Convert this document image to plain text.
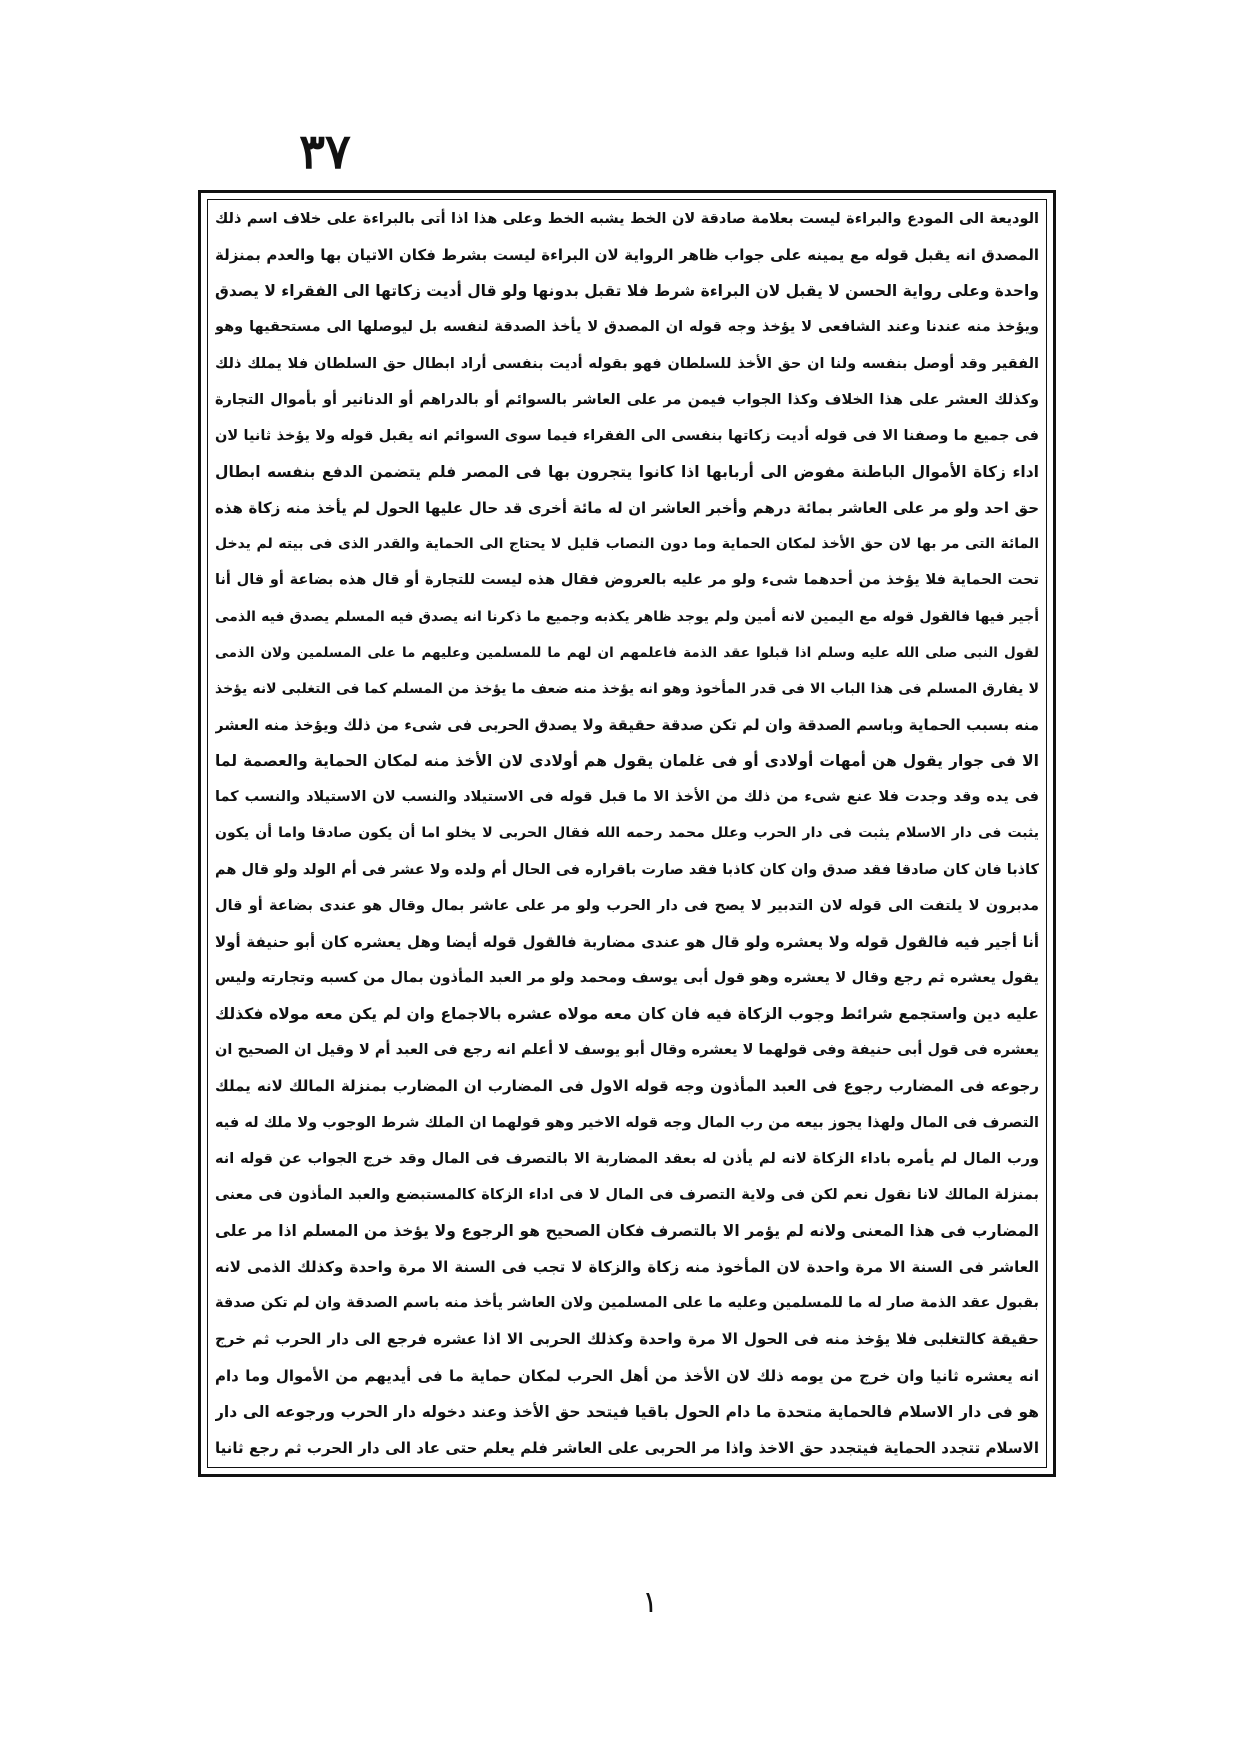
٣٧
الودیعة الی المودع والبراءة لیست بعلامة صادقة لان الخط یشبه الخط وعلی هذا اذا أتی بالبراءة علی خلاف اسم ذلك
المصدق انه یقبل قوله مع یمینه علی جواب ظاهر الروایة لان البراءة لیست بشرط فکان الاتیان بها والعدم بمنزلة
واحدة وعلی روایة الحسن لا یقبل لان البراءة شرط فلا تقبل بدونها ولو قال أدیت زکاتها الی الفقراء لا یصدق
ویؤخذ منه عندنا وعند الشافعی لا یؤخذ وجه قوله ان المصدق لا یأخذ الصدقة لنفسه بل لیوصلها الی مستحقیها وهو
الفقیر وقد أوصل بنفسه ولنا ان حق الأخذ للسلطان فهو بقوله أدیت بنفسی أراد ابطال حق السلطان فلا یملك ذلك
وکذلك العشر علی هذا الخلاف وکذا الجواب فیمن مر علی العاشر بالسوائم أو بالدراهم أو الدنانیر أو بأموال التجارة
فی جمیع ما وصفنا الا فی قوله أدیت زکاتها بنفسی الی الفقراء فیما سوی السوائم انه یقبل قوله ولا یؤخذ ثانیا لان
اداء زکاة الأموال الباطنة مفوض الی أربابها اذا کانوا یتجرون بها فی المصر فلم یتضمن الدفع بنفسه ابطال
حق احد ولو مر علی العاشر بمائة درهم وأخبر العاشر ان له مائة أخری قد حال علیها الحول لم یأخذ منه زکاة هذه
المائة التی مر بها لان حق الأخذ لمکان الحمایة وما دون النصاب قلیل لا یحتاج الی الحمایة والقدر الذی فی بیته لم یدخل
تحت الحمایة فلا یؤخذ من أحدهما شیء ولو مر علیه بالعروض فقال هذه لیست للتجارة أو قال هذه بضاعة أو قال أنا
أجیر فیها فالقول قوله مع الیمین لانه أمین ولم یوجد ظاهر یکذبه وجمیع ما ذکرنا انه یصدق فیه المسلم یصدق فیه الذمی
لقول النبی صلی الله علیه وسلم اذا قبلوا عقد الذمة فاعلمهم ان لهم ما للمسلمین وعلیهم ما علی المسلمین ولان الذمی
لا یفارق المسلم فی هذا الباب الا فی قدر المأخوذ وهو انه یؤخذ منه ضعف ما یؤخذ من المسلم کما فی التغلبی لانه یؤخذ
منه بسبب الحمایة وباسم الصدقة وان لم تکن صدقة حقیقة ولا یصدق الحربی فی شیء من ذلك ویؤخذ منه العشر
الا فی جوار یقول هن أمهات أولادی أو فی غلمان یقول هم أولادی لان الأخذ منه لمکان الحمایة والعصمة لما
فی یده وقد وجدت فلا عنع شیء من ذلك من الأخذ الا ما قبل قوله فی الاستیلاد والنسب لان الاستیلاد والنسب کما
یثبت فی دار الاسلام یثبت فی دار الحرب وعلل محمد رحمه الله فقال الحربی لا یخلو اما أن یکون صادقا واما أن یکون
کاذبا فان کان صادقا فقد صدق وان کان کاذبا فقد صارت باقراره فی الحال أم ولده ولا عشر فی أم الولد ولو قال هم
مدبرون لا یلتفت الی قوله لان التدبیر لا یصح فی دار الحرب ولو مر علی عاشر بمال وقال هو عندی بضاعة أو قال
أنا أجیر فیه فالقول قوله ولا یعشره ولو قال هو عندی مضاربة فالقول قوله أیضا وهل یعشره کان أبو حنیفة أولا
یقول یعشره ثم رجع وقال لا یعشره وهو قول أبی یوسف ومحمد ولو مر العبد المأذون بمال من کسبه وتجارته ولیس
علیه دین واستجمع شرائط وجوب الزکاة فیه فان کان معه مولاه عشره بالاجماع وان لم یکن معه مولاه فکذلك
یعشره فی قول أبی حنیفة وفی قولهما لا یعشره وقال أبو یوسف لا أعلم انه رجع فی العبد أم لا وقیل ان الصحیح ان
رجوعه فی المضارب رجوع فی العبد المأذون وجه قوله الاول فی المضارب ان المضارب بمنزلة المالك لانه یملك
التصرف فی المال ولهذا یجوز بیعه من رب المال وجه قوله الاخیر وهو قولهما ان الملك شرط الوجوب ولا ملك له فیه
ورب المال لم یأمره باداء الزکاة لانه لم یأذن له بعقد المضاربة الا بالتصرف فی المال وقد خرج الجواب عن قوله انه
بمنزلة المالك لانا نقول نعم لکن فی ولایة التصرف فی المال لا فی اداء الزکاة کالمستبضع والعبد المأذون فی معنی
المضارب فی هذا المعنی ولانه لم یؤمر الا بالتصرف فکان الصحیح هو الرجوع ولا یؤخذ من المسلم اذا مر علی
العاشر فی السنة الا مرة واحدة لان المأخوذ منه زکاة والزکاة لا تجب فی السنة الا مرة واحدة وکذلك الذمی لانه
بقبول عقد الذمة صار له ما للمسلمین وعلیه ما علی المسلمین ولان العاشر یأخذ منه باسم الصدقة وان لم تکن صدقة
حقیقة کالتغلبی فلا یؤخذ منه فی الحول الا مرة واحدة وکذلك الحربی الا اذا عشره فرجع الی دار الحرب ثم خرج
انه یعشره ثانیا وان خرج من یومه ذلك لان الأخذ من أهل الحرب لمکان حمایة ما فی أیدیهم من الأموال وما دام
هو فی دار الاسلام فالحمایة متحدة ما دام الحول باقیا فیتحد حق الأخذ وعند دخوله دار الحرب ورجوعه الی دار
الاسلام تتجدد الحمایة فیتجدد حق الاخذ واذا مر الحربی علی العاشر فلم یعلم حتی عاد الی دار الحرب ثم رجع ثانیا
١
